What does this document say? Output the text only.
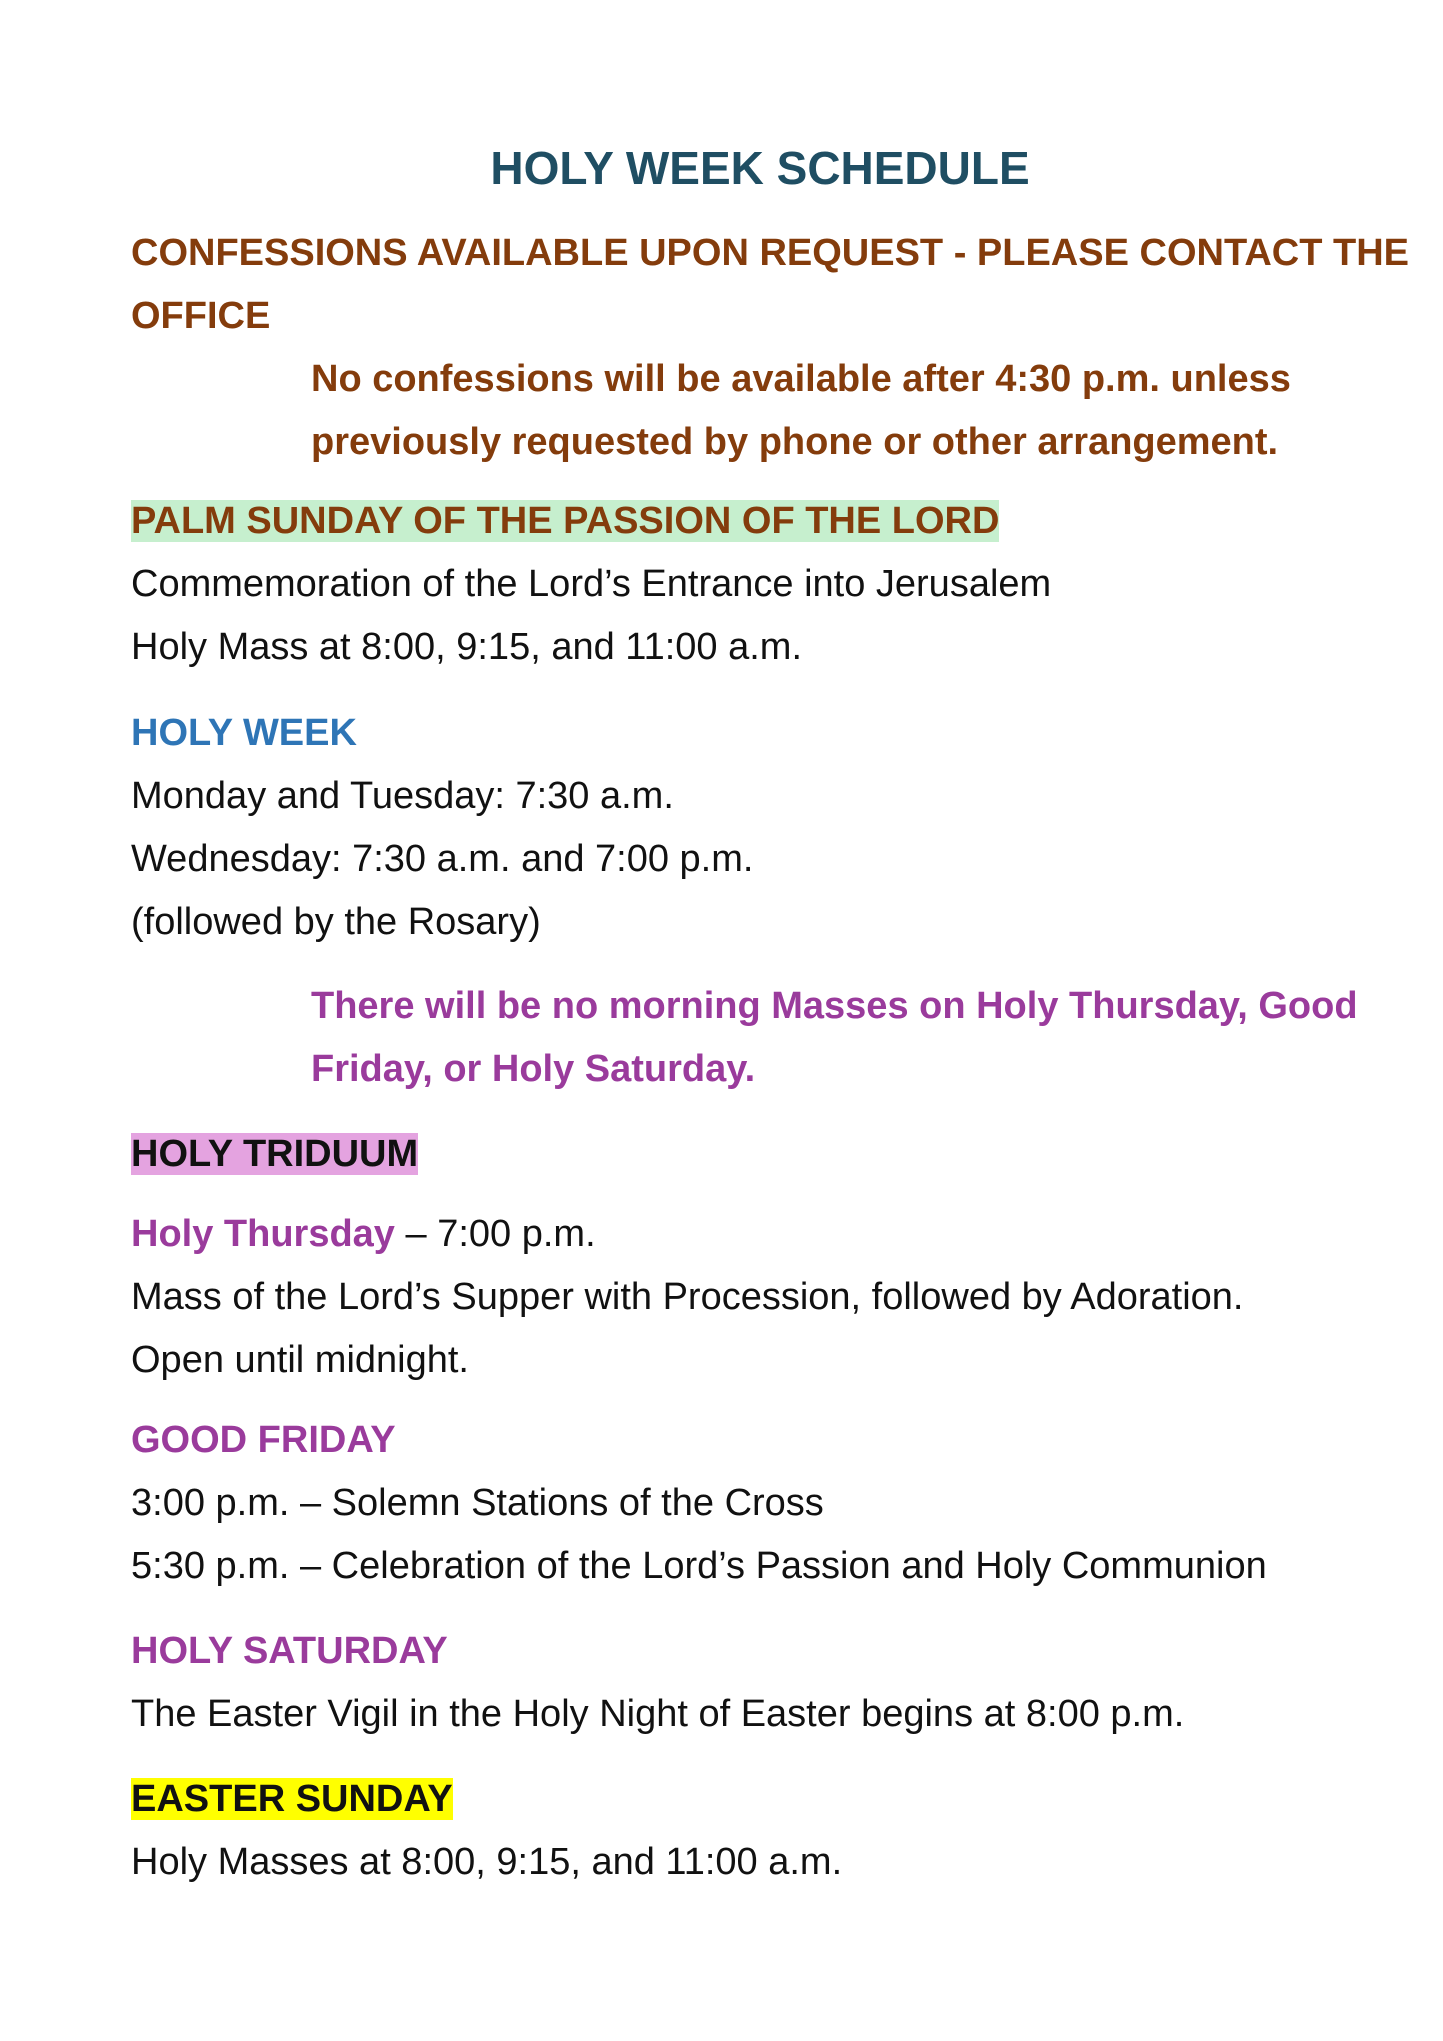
HOLY WEEK SCHEDULE
CONFESSIONS AVAILABLE UPON REQUEST - PLEASE CONTACT THE
OFFICE
No confessions will be available after 4:30 p.m. unless
previously requested by phone or other arrangement.
PALM SUNDAY OF THE PASSION OF THE LORD
Commemoration of the Lord’s Entrance into Jerusalem
Holy Mass at 8:00, 9:15, and 11:00 a.m.
HOLY WEEK
Monday and Tuesday: 7:30 a.m.
Wednesday: 7:30 a.m. and 7:00 p.m.
(followed by the Rosary)
There will be no morning Masses on Holy Thursday, Good
Friday, or Holy Saturday.
HOLY TRIDUUM
Holy Thursday – 7:00 p.m.
Mass of the Lord’s Supper with Procession, followed by Adoration.
Open until midnight.
GOOD FRIDAY
3:00 p.m. – Solemn Stations of the Cross
5:30 p.m. – Celebration of the Lord’s Passion and Holy Communion
HOLY SATURDAY
The Easter Vigil in the Holy Night of Easter begins at 8:00 p.m.
EASTER SUNDAY
Holy Masses at 8:00, 9:15, and 11:00 a.m.
